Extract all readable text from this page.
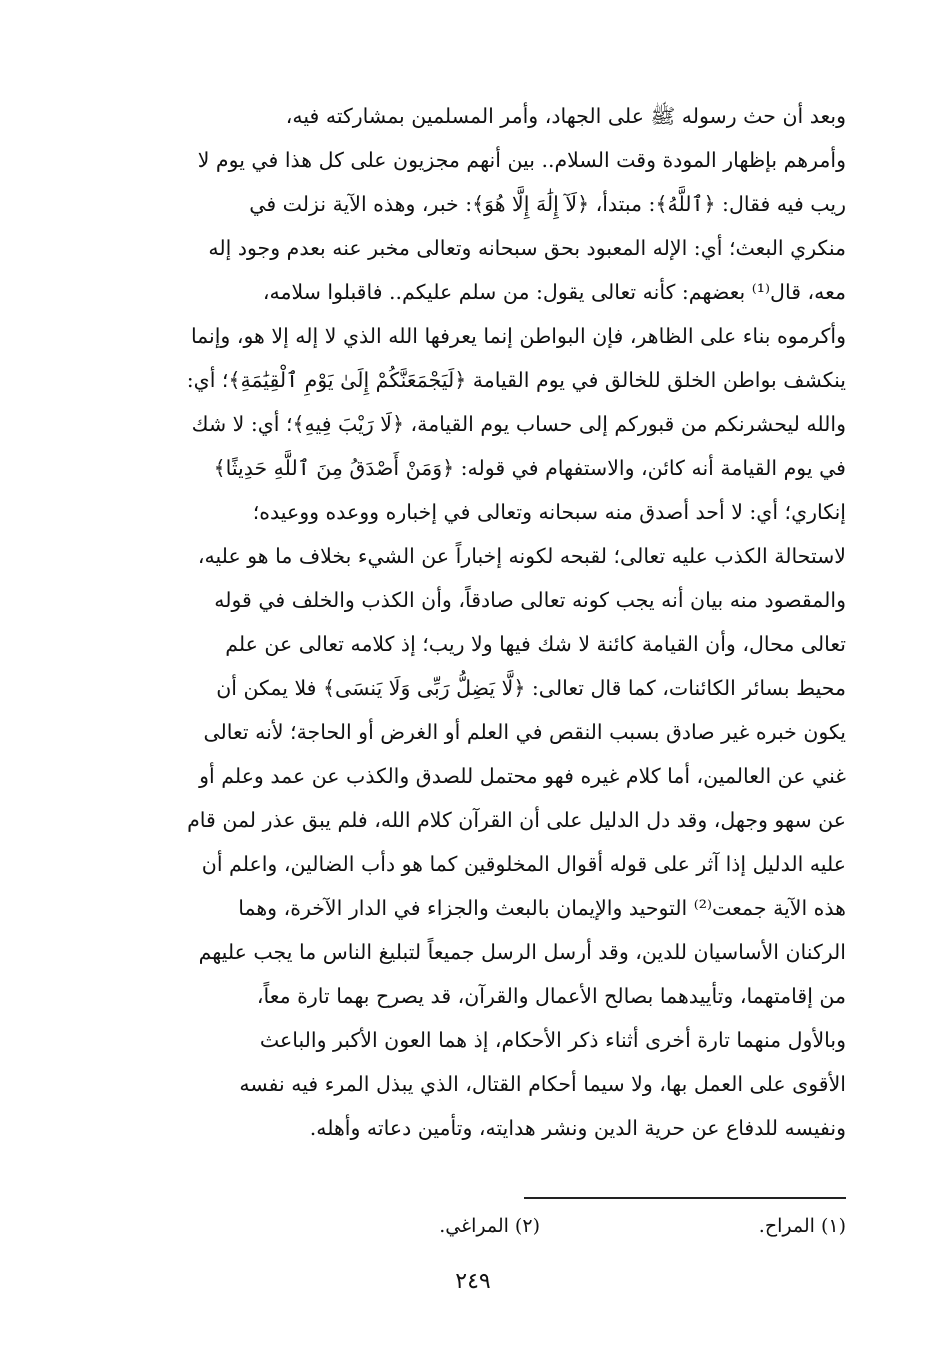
وبعد أن حث رسوله ﷺ على الجهاد، وأمر المسلمين بمشاركته فيه،
وأمرهم بإظهار المودة وقت السلام.. بين أنهم مجزيون على كل هذا في يوم لا
ريب فيه فقال: ﴿ٱللَّهُ﴾: مبتدأ، ﴿لَآ إِلَٰهَ إِلَّا هُوَ﴾: خبر، وهذه الآية نزلت في
منكري البعث؛ أي: الإله المعبود بحق سبحانه وتعالى مخبر عنه بعدم وجود إله
معه، قال⁽¹⁾ بعضهم: كأنه تعالى يقول: من سلم عليكم.. فاقبلوا سلامه،
وأكرموه بناء على الظاهر، فإن البواطن إنما يعرفها الله الذي لا إله إلا هو، وإنما
ينكشف بواطن الخلق للخالق في يوم القيامة ﴿لَيَجْمَعَنَّكُمْ إِلَىٰ يَوْمِ ٱلْقِيَٰمَةِ﴾؛ أي:
والله ليحشرنكم من قبوركم إلى حساب يوم القيامة، ﴿لَا رَيْبَ فِيهِ﴾؛ أي: لا شك
في يوم القيامة أنه كائن، والاستفهام في قوله: ﴿وَمَنْ أَصْدَقُ مِنَ ٱللَّهِ حَدِيثًا﴾
إنكاري؛ أي: لا أحد أصدق منه سبحانه وتعالى في إخباره ووعده ووعيده؛
لاستحالة الكذب عليه تعالى؛ لقبحه لكونه إخباراً عن الشيء بخلاف ما هو عليه،
والمقصود منه بيان أنه يجب كونه تعالى صادقاً، وأن الكذب والخلف في قوله
تعالى محال، وأن القيامة كائنة لا شك فيها ولا ريب؛ إذ كلامه تعالى عن علم
محيط بسائر الكائنات، كما قال تعالى: ﴿لَّا يَضِلُّ رَبِّى وَلَا يَنسَى﴾ فلا يمكن أن
يكون خبره غير صادق بسبب النقص في العلم أو الغرض أو الحاجة؛ لأنه تعالى
غني عن العالمين، أما كلام غيره فهو محتمل للصدق والكذب عن عمد وعلم أو
عن سهو وجهل، وقد دل الدليل على أن القرآن كلام الله، فلم يبق عذر لمن قام
عليه الدليل إذا آثر على قوله أقوال المخلوقين كما هو دأب الضالين، واعلم أن
هذه الآية جمعت⁽²⁾ التوحيد والإيمان بالبعث والجزاء في الدار الآخرة، وهما
الركنان الأساسيان للدين، وقد أرسل الرسل جميعاً لتبليغ الناس ما يجب عليهم
من إقامتهما، وتأييدهما بصالح الأعمال والقرآن، قد يصرح بهما تارة معاً،
وبالأول منهما تارة أخرى أثناء ذكر الأحكام، إذ هما العون الأكبر والباعث
الأقوى على العمل بها، ولا سيما أحكام القتال، الذي يبذل المرء فيه نفسه
ونفيسه للدفاع عن حرية الدين ونشر هدايته، وتأمين دعاته وأهله.
(١) المراح.
(٢) المراغي.
٢٤٩
